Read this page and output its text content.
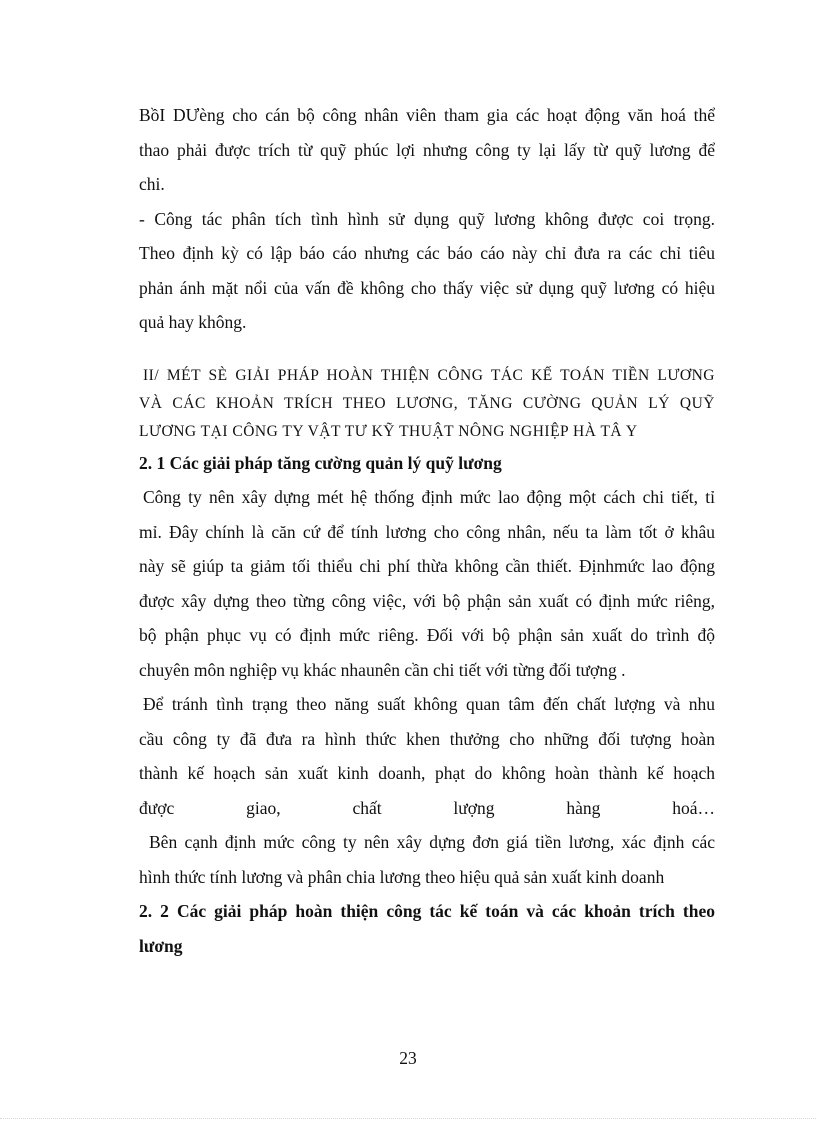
BồI DƯèng cho cán bộ công nhân viên tham gia các hoạt động văn hoá thể
thao phải được trích từ quỹ phúc lợi nhưng công ty lại lấy từ quỹ lương để
chi.
- Công tác phân tích tình hình sử dụng quỹ lương không được coi trọng.
Theo định kỳ có lập báo cáo nhưng các báo cáo này chỉ đưa ra các chỉ tiêu
phản ánh mặt nổi của vấn đề không cho thấy việc sử dụng quỹ lương có hiệu
quả hay không.
II/ MÉT SÈ GIẢI PHÁP HOÀN THIỆN CÔNG TÁC KẾ TOÁN TIỀN LƯƠNG
VÀ CÁC KHOẢN TRÍCH THEO LƯƠNG, TĂNG CƯỜNG QUẢN LÝ QUỸ
LƯƠNG TẠI CÔNG TY VẬT TƯ KỸ THUẬT NÔNG NGHIỆP HÀ TÂ Y
2. 1 Các giải pháp tăng cường quản lý quỹ lương
Công ty nên xây dựng mét hệ thống định mức lao động một cách chi tiết, tỉ
mỉ. Đây chính là căn cứ để tính lương cho công nhân, nếu ta làm tốt ở khâu
này sẽ giúp ta giảm tối thiểu chi phí thừa không cần thiết. Địnhmức lao động
được xây dựng theo từng công việc, với bộ phận sản xuất có định mức riêng,
bộ phận phục vụ có định mức riêng. Đối với bộ phận sản xuất do trình độ
chuyên môn nghiệp vụ khác nhaunên cần chi tiết với từng đối tượng .
Để tránh tình trạng theo năng suất không quan tâm đến chất lượng và nhu
cầu công ty đã đưa ra hình thức khen thưởng cho những đối tượng hoàn
thành kế hoạch sản xuất kinh doanh, phạt do không hoàn thành kế hoạch
được giao, chất lượng hàng hoá…
Bên cạnh định mức công ty nên xây dựng đơn giá tiền lương, xác định các
hình thức tính lương và phân chia lương theo hiệu quả sản xuất kinh doanh
2. 2 Các giải pháp hoàn thiện công tác kế toán và các khoản trích theo
lương
23
